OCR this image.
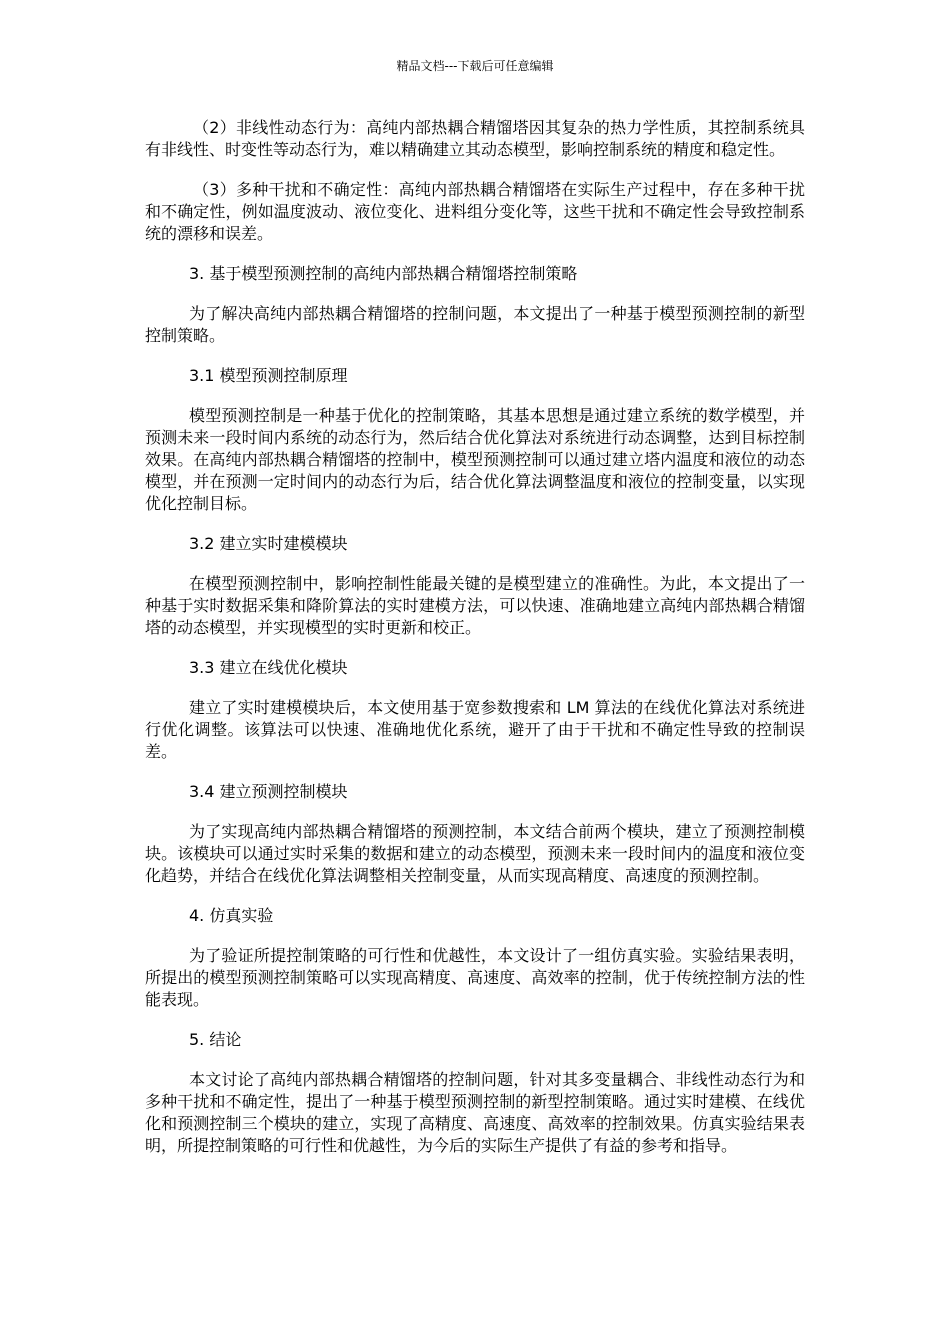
精品文档---下载后可任意编辑

（2）非线性动态行为：高纯内部热耦合精馏塔因其复杂的热力学性质，其控制系统具有非线性、时变性等动态行为，难以精确建立其动态模型，影响控制系统的精度和稳定性。

（3）多种干扰和不确定性：高纯内部热耦合精馏塔在实际生产过程中，存在多种干扰和不确定性，例如温度波动、液位变化、进料组分变化等，这些干扰和不确定性会导致控制系统的漂移和误差。

3. 基于模型预测控制的高纯内部热耦合精馏塔控制策略

为了解决高纯内部热耦合精馏塔的控制问题，本文提出了一种基于模型预测控制的新型控制策略。

3.1 模型预测控制原理

模型预测控制是一种基于优化的控制策略，其基本思想是通过建立系统的数学模型，并预测未来一段时间内系统的动态行为，然后结合优化算法对系统进行动态调整，达到目标控制效果。在高纯内部热耦合精馏塔的控制中，模型预测控制可以通过建立塔内温度和液位的动态模型，并在预测一定时间内的动态行为后，结合优化算法调整温度和液位的控制变量，以实现优化控制目标。

3.2 建立实时建模模块

在模型预测控制中，影响控制性能最关键的是模型建立的准确性。为此，本文提出了一种基于实时数据采集和降阶算法的实时建模方法，可以快速、准确地建立高纯内部热耦合精馏塔的动态模型，并实现模型的实时更新和校正。

3.3 建立在线优化模块

建立了实时建模模块后，本文使用基于宽参数搜索和 LM 算法的在线优化算法对系统进行优化调整。该算法可以快速、准确地优化系统，避开了由于干扰和不确定性导致的控制误差。

3.4 建立预测控制模块

为了实现高纯内部热耦合精馏塔的预测控制，本文结合前两个模块，建立了预测控制模块。该模块可以通过实时采集的数据和建立的动态模型，预测未来一段时间内的温度和液位变化趋势，并结合在线优化算法调整相关控制变量，从而实现高精度、高速度的预测控制。

4. 仿真实验

为了验证所提控制策略的可行性和优越性，本文设计了一组仿真实验。实验结果表明，所提出的模型预测控制策略可以实现高精度、高速度、高效率的控制，优于传统控制方法的性能表现。

5. 结论

本文讨论了高纯内部热耦合精馏塔的控制问题，针对其多变量耦合、非线性动态行为和多种干扰和不确定性，提出了一种基于模型预测控制的新型控制策略。通过实时建模、在线优化和预测控制三个模块的建立，实现了高精度、高速度、高效率的控制效果。仿真实验结果表明，所提控制策略的可行性和优越性，为今后的实际生产提供了有益的参考和指导。
